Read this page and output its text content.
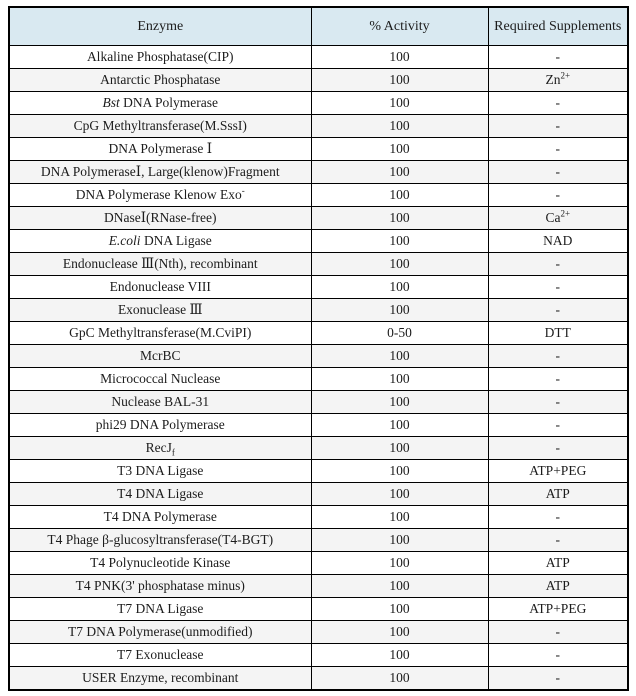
Enzyme	% Activity	Required Supplements
Alkaline Phosphatase(CIP)	100	-
Antarctic Phosphatase	100	$Zn^{2+}$
Bst DNA Polymerase	100	-
CpG Methyltransferase(M.SssI)	100	-
DNA Polymerase Ⅰ	100	-
DNA PolymeraseⅠ, Large(klenow)Fragment	100	-
DNA Polymerase Klenow Exo-	100	-
DNaseⅠ(RNase-free)	100	$Ca^{2+}$
E.coli DNA Ligase	100	NAD
Endonuclease Ⅲ(Nth), recombinant	100	-
Endonuclease VIII	100	-
Exonuclease Ⅲ	100	-
GpC Methyltransferase(M.CviPI)	0-50	DTT
McrBC	100	-
Micrococcal Nuclease	100	-
Nuclease BAL-31	100	-
phi29 DNA Polymerase	100	-
RecJ$_f$	100	-
T3 DNA Ligase	100	ATP+PEG
T4 DNA Ligase	100	ATP
T4 DNA Polymerase	100	-
T4 Phage β-glucosyltransferase(T4-BGT)	100	-
T4 Polynucleotide Kinase	100	ATP
T4 PNK(3' phosphatase minus)	100	ATP
T7 DNA Ligase	100	ATP+PEG
T7 DNA Polymerase(unmodified)	100	-
T7 Exonuclease	100	-
USER Enzyme, recombinant	100	-
